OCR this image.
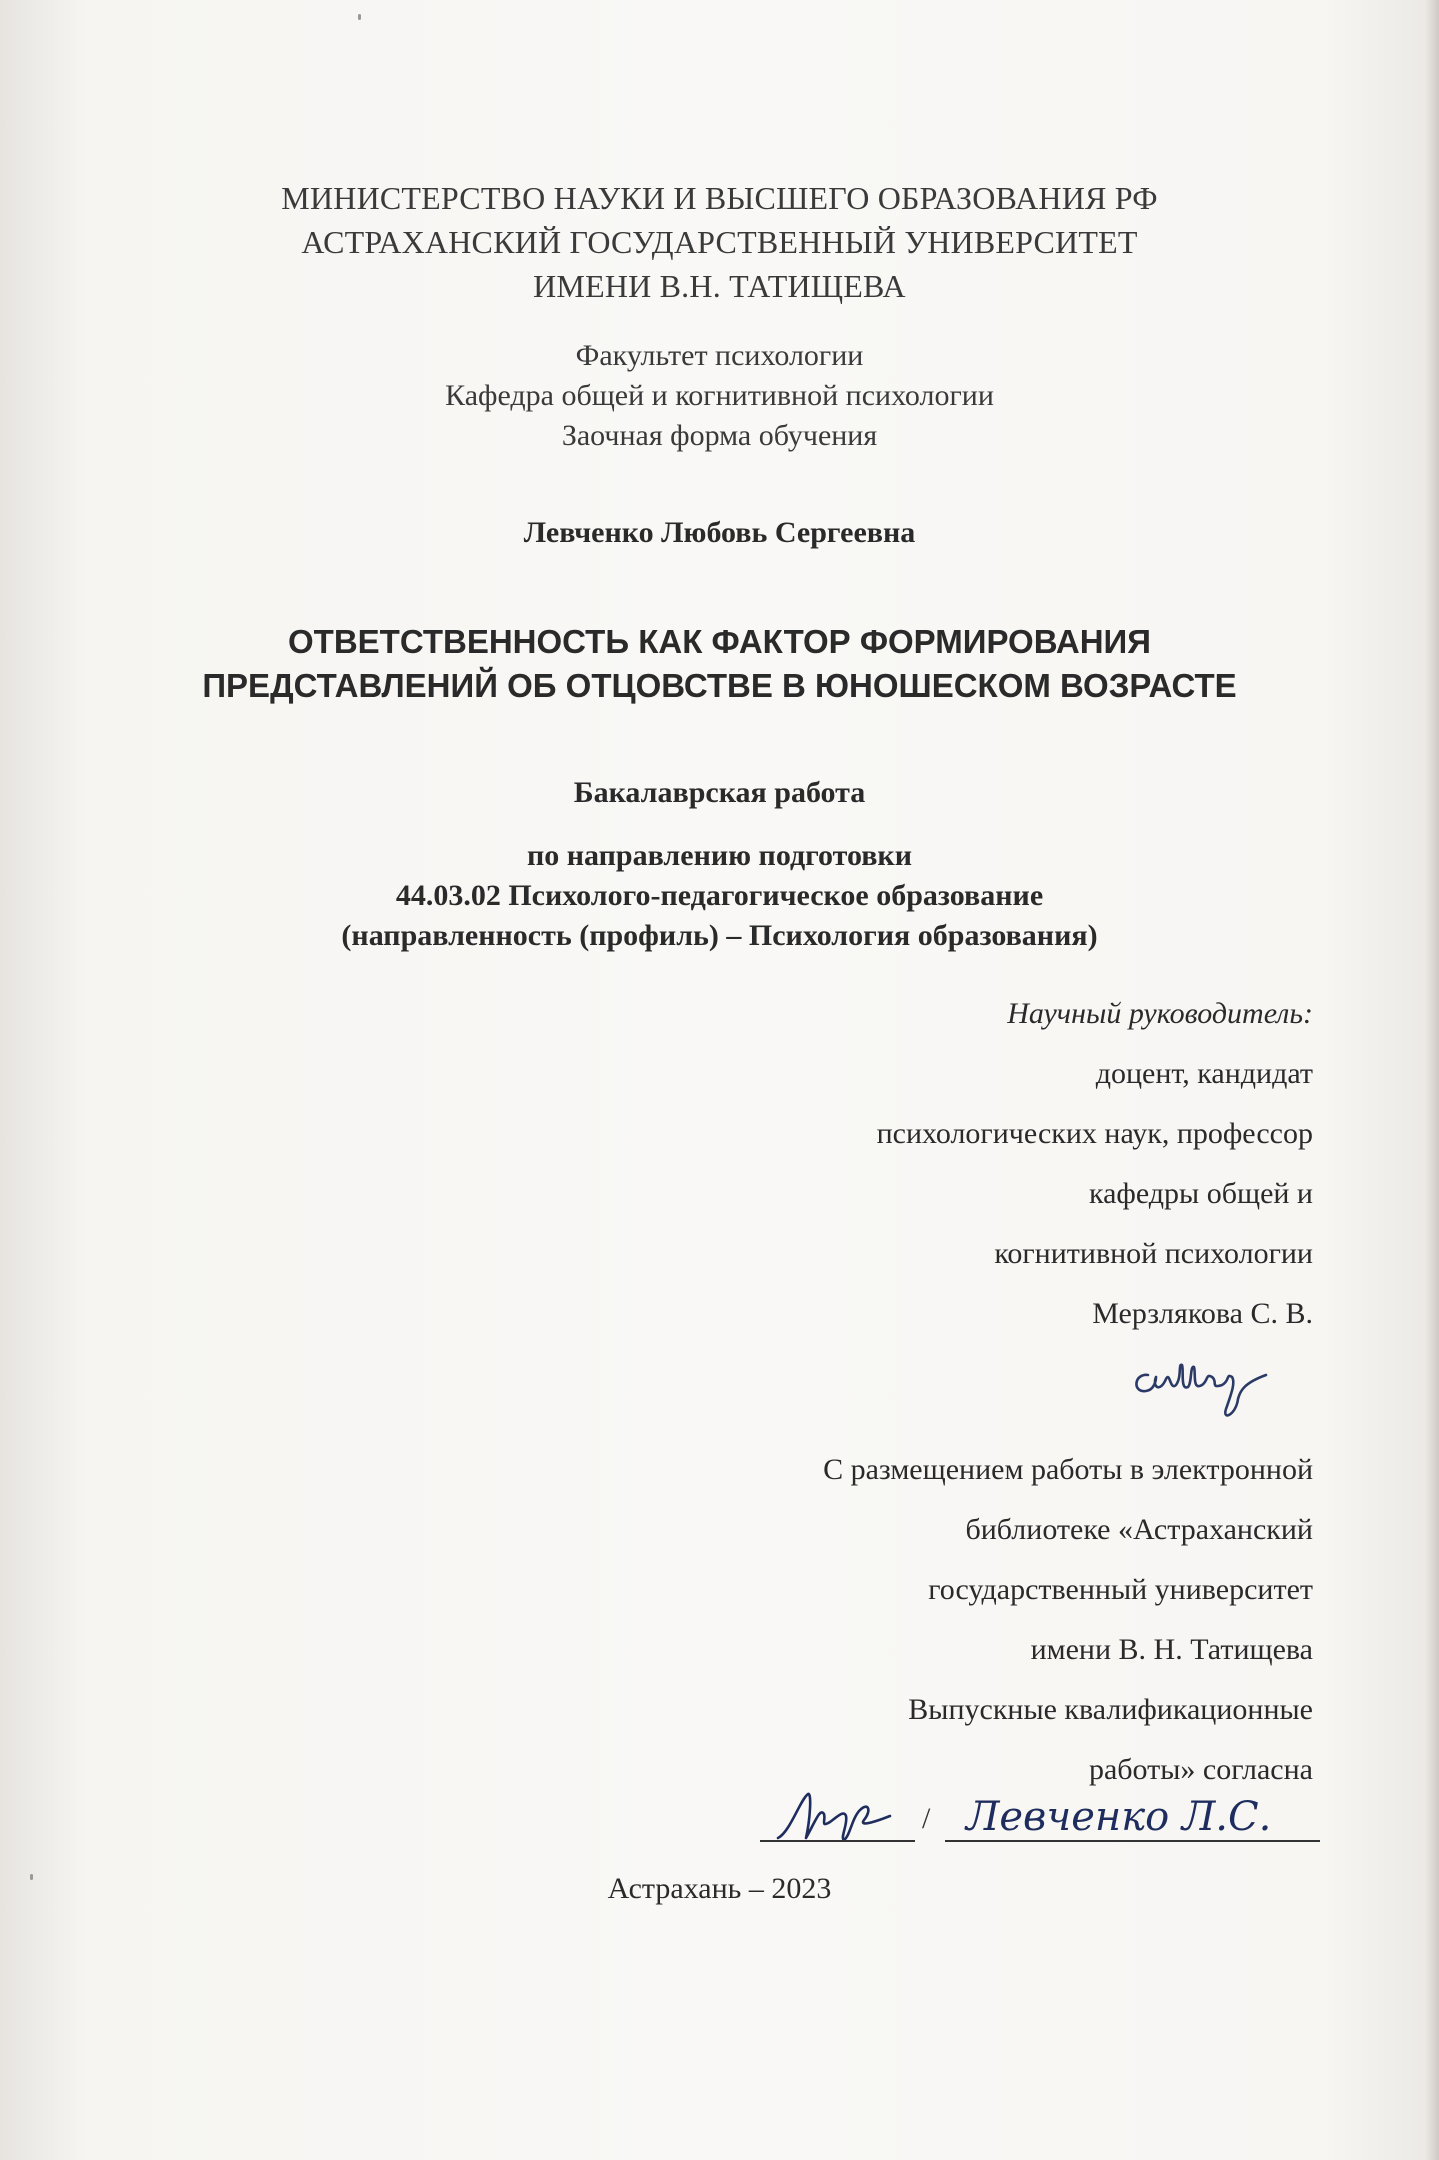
МИНИСТЕРСТВО НАУКИ И ВЫСШЕГО ОБРАЗОВАНИЯ РФ
АСТРАХАНСКИЙ ГОСУДАРСТВЕННЫЙ УНИВЕРСИТЕТ
ИМЕНИ В.Н. ТАТИЩЕВА
Факультет психологии
Кафедра общей и когнитивной психологии
Заочная форма обучения
Левченко Любовь Сергеевна
ОТВЕТСТВЕННОСТЬ КАК ФАКТОР ФОРМИРОВАНИЯ
ПРЕДСТАВЛЕНИЙ ОБ ОТЦОВСТВЕ В ЮНОШЕСКОМ ВОЗРАСТЕ
Бакалаврская работа
по направлению подготовки
44.03.02 Психолого-педагогическое образование
(направленность (профиль) – Психология образования)
Научный руководитель:
доцент, кандидат
психологических наук, профессор
кафедры общей и
когнитивной психологии
Мерзлякова С. В.
С размещением работы в электронной
библиотеке «Астраханский
государственный университет
имени В. Н. Татищева
Выпускные квалификационные
работы» согласна
/ Левченко Л.С.
Астрахань – 2023
